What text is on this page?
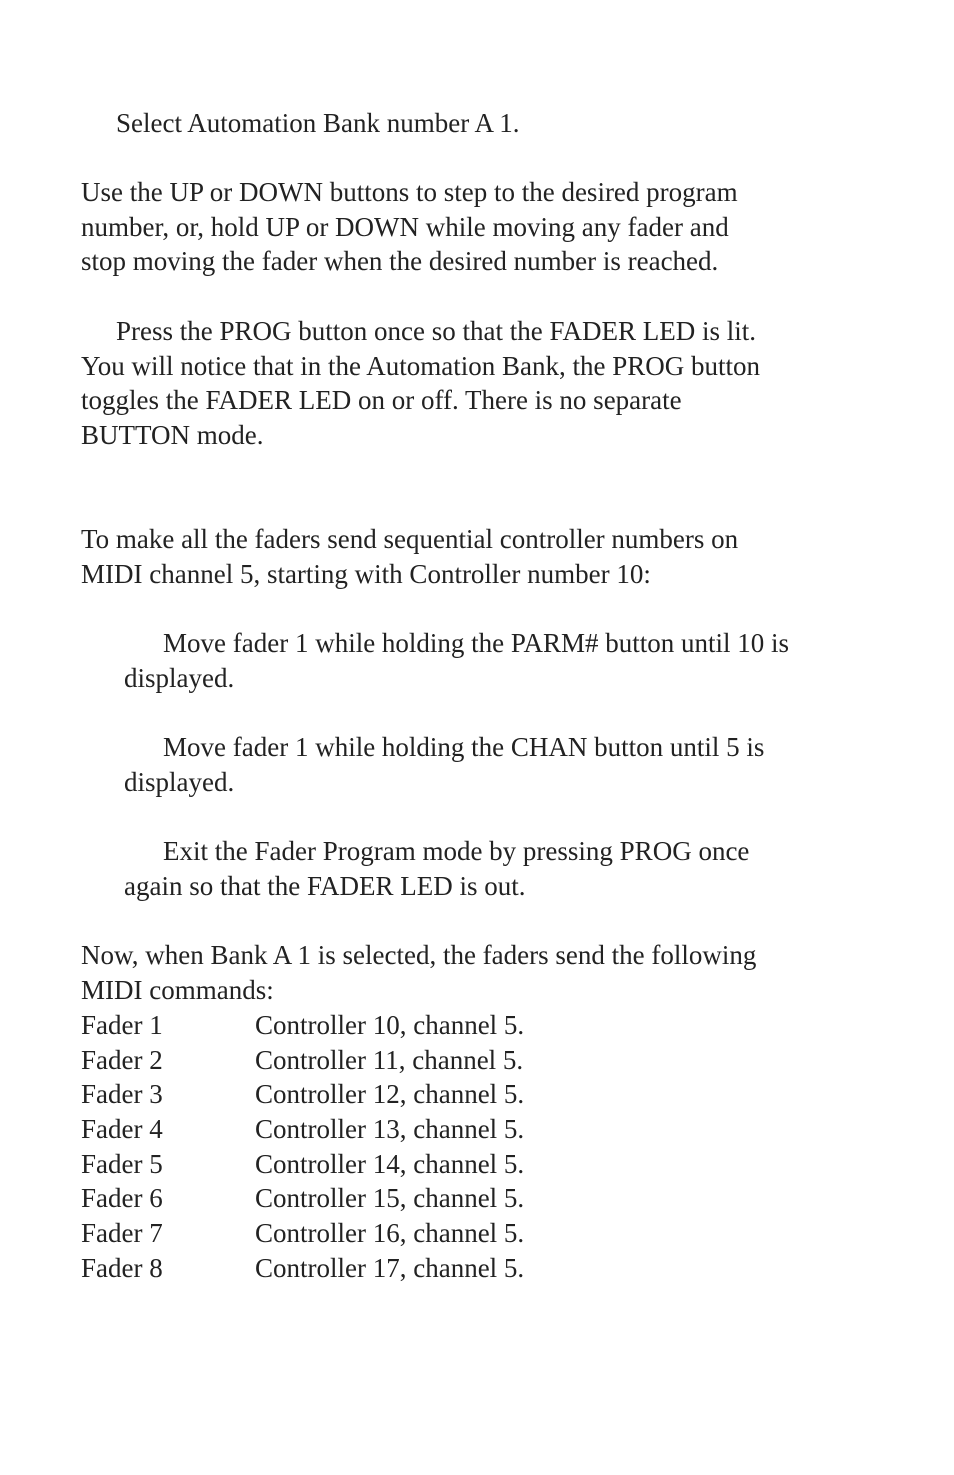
Select Automation Bank number A 1.

Use the UP or DOWN buttons to step to the desired program
number, or, hold UP or DOWN while moving any fader and
stop moving the fader when the desired number is reached.

Press the PROG button once so that the FADER LED is lit.
You will notice that in the Automation Bank, the PROG button
toggles the FADER LED on or off. There is no separate
BUTTON mode.

To make all the faders send sequential controller numbers on
MIDI channel 5, starting with Controller number 10:

Move fader 1 while holding the PARM# button until 10 is
displayed.

Move fader 1 while holding the CHAN button until 5 is
displayed.

Exit the Fader Program mode by pressing PROG once
again so that the FADER LED is out.

Now, when Bank A 1 is selected, the faders send the following
MIDI commands:

Fader 1	Controller 10, channel 5.
Fader 2	Controller 11, channel 5.
Fader 3	Controller 12, channel 5.
Fader 4	Controller 13, channel 5.
Fader 5	Controller 14, channel 5.
Fader 6	Controller 15, channel 5.
Fader 7	Controller 16, channel 5.
Fader 8	Controller 17, channel 5.
